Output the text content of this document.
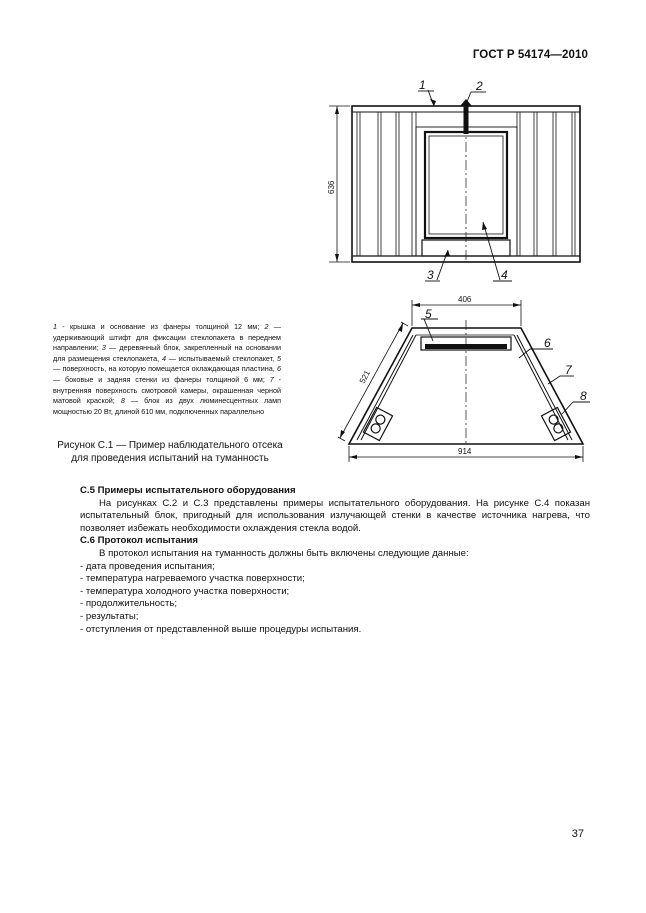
ГОСТ Р 54174—2010
1	2
3	4
636
5
6
7
8
406
914
521
1 - крышка и основание из фанеры толщиной 12 мм; 2 — удерживающий штифт для фиксации стеклопакета в переднем направлении; 3 — деревянный блок, закрепленный на основании для размещения стеклопакета, 4 — испытываемый стеклопакет, 5 — поверхность, на которую помещается охлаждающая пластина, 6 — боковые и задняя стенки из фанеры толщиной 6 мм; 7 - внутренняя поверхность смотровой камеры, окрашенная черной матовой краской; 8 — блок из двух люминесцентных ламп мощностью 20 Вт, длиной 610 мм, подключенных параллельно
Рисунок С.1 — Пример наблюдательного отсека
для проведения испытаний на туманность

С.5 Примеры испытательного оборудования

На рисунках С.2 и С.3 представлены примеры испытательного оборудования. На рисунке С.4 показан испытательный блок, пригодный для использования излучающей стенки в качестве источника нагрева, что позволяет избежать необходимости охлаждения стекла водой.

С.6 Протокол испытания

В протокол испытания на туманность должны быть включены следующие данные:

- дата проведения испытания;

- температура нагреваемого участка поверхности;

- температура холодного участка поверхности;

- продолжительность;

- результаты;

- отступления от представленной выше процедуры испытания.

37
